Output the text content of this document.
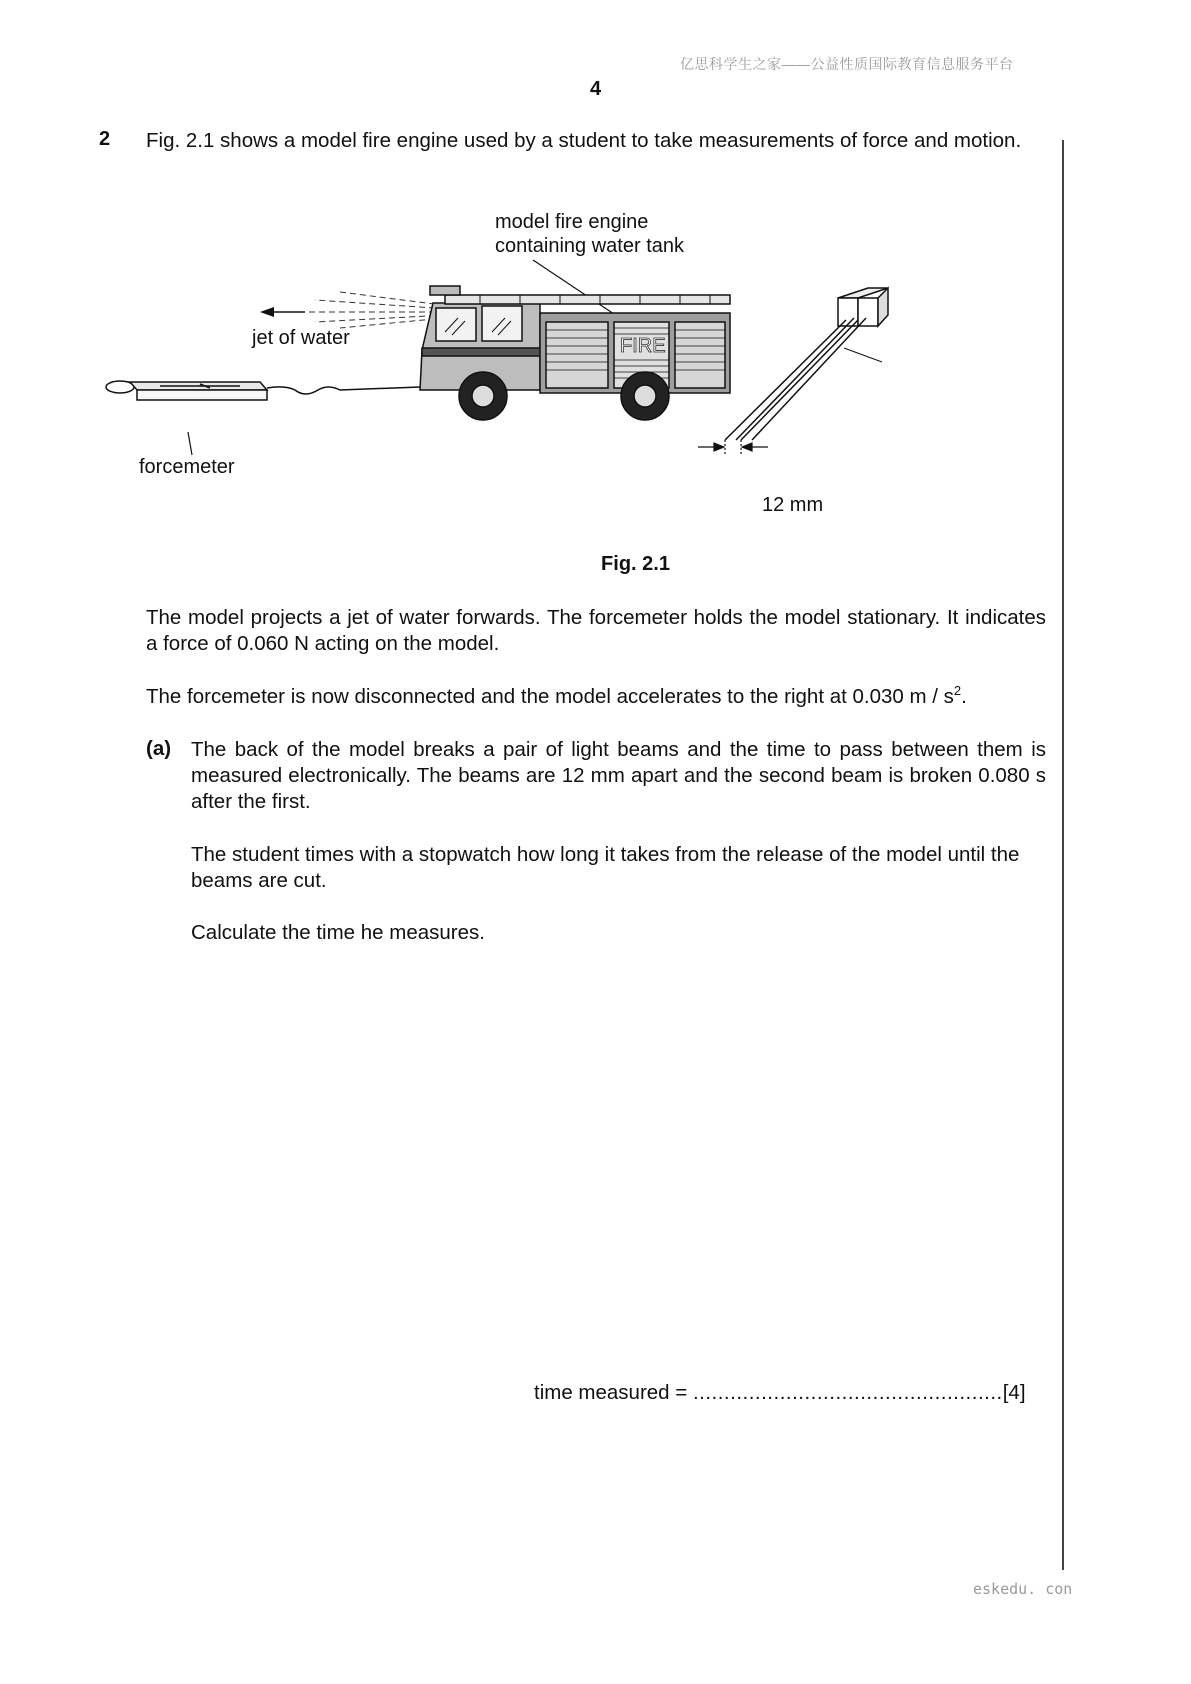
亿思科学生之家——公益性质国际教育信息服务平台
4
2 Fig. 2.1 shows a model fire engine used by a student to take measurements of force and motion.
model fire engine
containing water tank
jet of water
forcemeter
12 mm
FIRE
Fig. 2.1
The model projects a jet of water forwards. The forcemeter holds the model stationary. It indicates a force of 0.060 N acting on the model.
The forcemeter is now disconnected and the model accelerates to the right at 0.030 m / $s^2$.
(a) The back of the model breaks a pair of light beams and the time to pass between them is measured electronically. The beams are 12 mm apart and the second beam is broken 0.080 s after the first.
The student times with a stopwatch how long it takes from the release of the model until the beams are cut.
Calculate the time he measures.
time measured = ..................................................[4]
eskedu. con
